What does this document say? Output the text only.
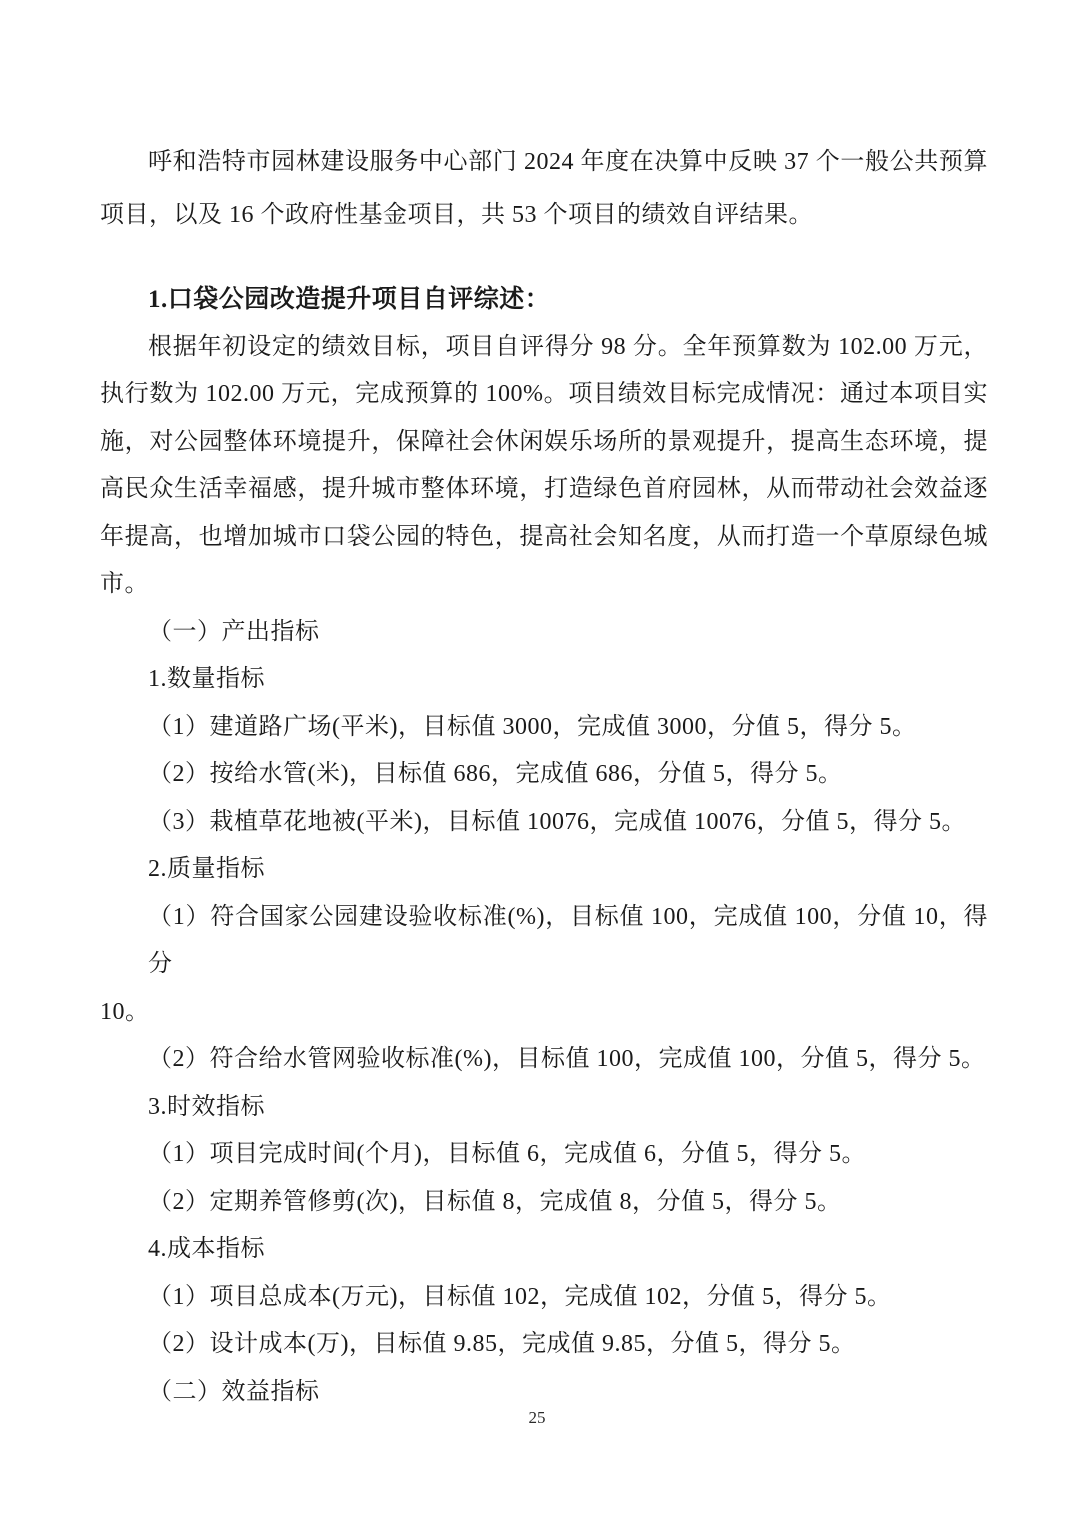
呼和浩特市园林建设服务中心部门 2024 年度在决算中反映 37 个一般公共预算
项目，以及 16 个政府性基金项目，共 53 个项目的绩效自评结果。
1.口袋公园改造提升项目自评综述：
根据年初设定的绩效目标，项目自评得分 98 分。全年预算数为 102.00 万元，
执行数为 102.00 万元，完成预算的 100%。项目绩效目标完成情况：通过本项目实
施，对公园整体环境提升，保障社会休闲娱乐场所的景观提升，提高生态环境，提
高民众生活幸福感，提升城市整体环境，打造绿色首府园林，从而带动社会效益逐
年提高，也增加城市口袋公园的特色，提高社会知名度，从而打造一个草原绿色城
市。
（一）产出指标
1.数量指标
（1）建道路广场(平米)，目标值 3000，完成值 3000，分值 5，得分 5。
（2）按给水管(米)，目标值 686，完成值 686，分值 5，得分 5。
（3）栽植草花地被(平米)，目标值 10076，完成值 10076，分值 5，得分 5。
2.质量指标
（1）符合国家公园建设验收标准(%)，目标值 100，完成值 100，分值 10，得分
10。
（2）符合给水管网验收标准(%)，目标值 100，完成值 100，分值 5，得分 5。
3.时效指标
（1）项目完成时间(个月)，目标值 6，完成值 6，分值 5，得分 5。
（2）定期养管修剪(次)，目标值 8，完成值 8，分值 5，得分 5。
4.成本指标
（1）项目总成本(万元)，目标值 102，完成值 102，分值 5，得分 5。
（2）设计成本(万)，目标值 9.85，完成值 9.85，分值 5，得分 5。
（二）效益指标
25
